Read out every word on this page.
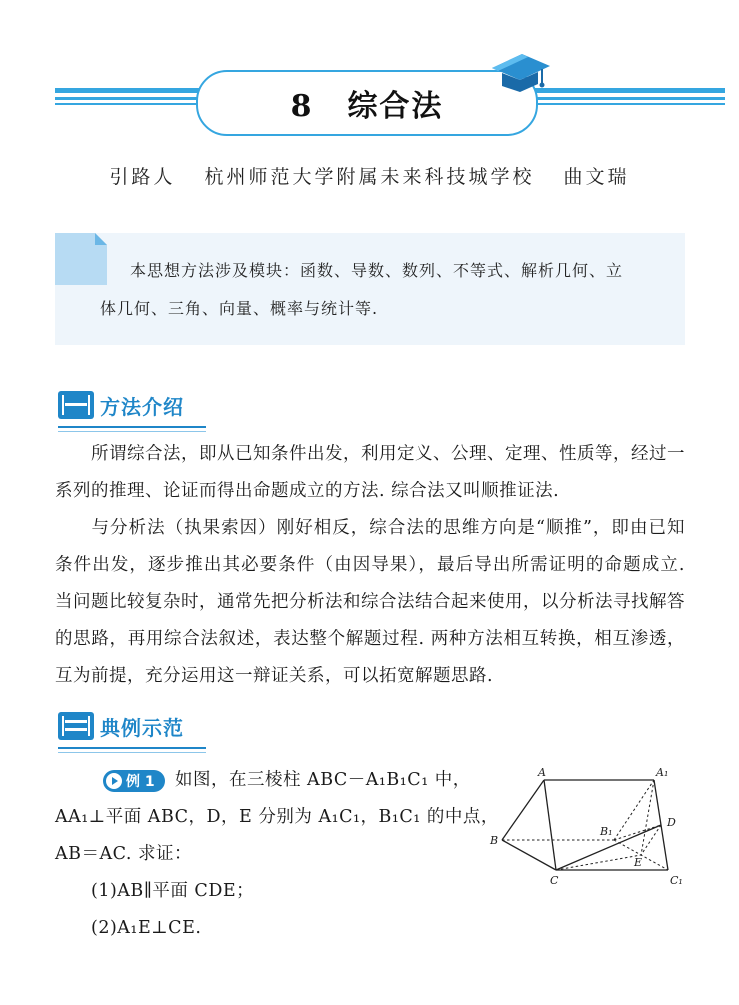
8 综合法
引路人 杭州师范大学附属未来科技城学校 曲文瑞
本思想方法涉及模块：函数、导数、数列、不等式、解析几何、立
体几何、三角、向量、概率与统计等.
方法介绍
所谓综合法，即从已知条件出发，利用定义、公理、定理、性质等，经过一系列的推理、论证而得出命题成立的方法. 综合法又叫顺推证法.
与分析法（执果索因）刚好相反，综合法的思维方向是“顺推”，即由已知条件出发，逐步推出其必要条件（由因导果），最后导出所需证明的命题成立. 当问题比较复杂时，通常先把分析法和综合法结合起来使用，以分析法寻找解答的思路，再用综合法叙述，表达整个解题过程. 两种方法相互转换，相互渗透，互为前提，充分运用这一辩证关系，可以拓宽解题思路.
典例示范
例 1 如图，在三棱柱 ABC－A₁B₁C₁ 中，
AA₁⊥平面 ABC，D，E 分别为 A₁C₁，B₁C₁ 的中点，
AB＝AC. 求证：
(1)AB∥平面 CDE；
(2)A₁E⊥CE.
A	A₁
B
B₁
C	C₁
D
E
